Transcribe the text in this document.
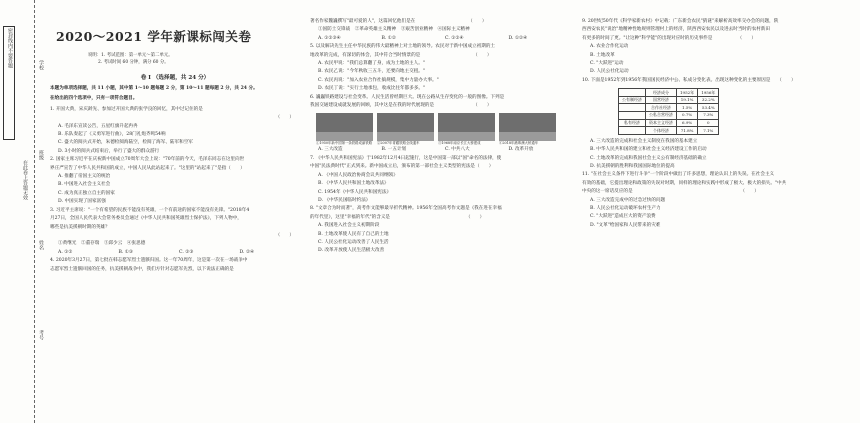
密封线内不要答题	学校
班级
姓名
考号
在此卷上答题无效
2020～2021 学年新课标闯关卷
说明：1. 考试范围：第一单元～第二单元。
2. 考试时间 60 分钟，满分 60 分。
卷 Ⅰ （选择题，共 24 分）
本题为单项选择题，共 11 小题，其中第 1～10 题每题 2 分，第 10～11 题每题 2 分，共 24 分。
在给出的四个选项中，只有一项符合题目。
1. 开国大典，宋庆龄先、参加过开国大典的张学良的回忆，其中过记住的是
（　　）

A. 毛泽东宣读公告，五星红旗升起冉冉
B. 乐队奏起了《义勇军进行曲》，28门礼炮齐鸣54响
C. 盛大的阅兵式开始，朱德检阅海陆空，检阅了海军、陆军和空军
D. 3小时的阅兵式结束后，举行了盛大的群众游行
2. 国家主席习近平在庆祝新中国成立70周年大会上说："70年前的今天，毛泽东同志在这里向世
界庄严宣告了中华人民共和国的成立，中国人民从此站起来了。"这里的"站起来了"是指（　　）
A. 推翻了帝国主义的统治
B. 中国进入社会主义社会
C. 成为真正独立自主的国家
D. 中国实现了国家富强
3. 习近平主席说："一个有希望的民族不能没有英雄，一个有前途的国家不能没有先锋。"2018年4
月27日，全国人民代表大会常务委员会通过《中华人民共和国英雄烈士保护法》，下列人物中，
哪些是抗美援朝时期的英雄？
（　　）

①黄继光　②董存瑞　③邱少云　④张思德
A. ①②	B. ①③	C. ②③	D. ②④
4. 2020年3月27日，第七批在韩志愿军烈士遗骸归国。这一年70周年，这是第一次在一场战争中
志愿军烈士遗骸回国的任务，抗美援朝战争中，我们方针对志愿军先烈，以下说法正确的是
著名作家魏巍撰写"最可爱的人"，这篇回忆他们是在　　　　　　　　　　　　（　　）
①国防土交锋战　②革命英雄主义精神　③艰苦创业精神　④国际主义精神
A. ①②③④	B. ①②	C. ①②④	D. ①②④
5. 以及解决先生主任中华民族的伟大最精神上对土地的领导。农民对于新中国成立初期的土
地改革的完成，有深切的体会，其中符合当时情景的是　　　　　　　　　　　　（　　）
A. 农民甲说："我们总算翻了身，成为土地的主人。"
B. 农民乙说："今年秋收三五斗，还要向地主交租。"
C. 农民丙说："加入农业合作社搞规模，集中力量办大事。"
D. 农民丁说："实行土地承包，收成比往年都多多。"
6. 巍巍铁路建设与社会变革。人民生活曾经期巨大。现在公路从生存变化的一般的图像。下列是
我国交通建设成就发展的回顾，其中这是在我的时代展现的是　　　　　　　　　（　　）
①1950年新中国第一条铁路成渝铁路 ②2007年青藏铁路全线通车	③1968年南京长江大桥建成	④2018年港珠澳大桥通车
A. 三大改造	B. 一五计划	C. 中共八大	D. 改革开放
7. 《中华人民共和国宪法》于1982年12月4日起施行，这是中国第一部以"国"命名的法律，使
中国"民法典时代"正式到来。新中国成立后，颁布的第一部社会主义类型的宪法是（　　）
A. 《中国人民政治协商会议共同纲领》
B. 《中华人民共和国土地改革法》
C. 1954年《中华人民共和国宪法》
D. 《中华民国临时约法》
8. "文章合为时而著"，高考作文能够最早折代精神。1956年全国高考作文题是《我在进在幸福
的年代里》，这里"幸福的年代"的含义是　　　　　　　　　　　　　　　　　（　　）
A. 我国进入社会主义初期阶段
B. 土地改革使人民有了自己的土地
C. 人民公社化运动改善了人民生活
D. 改革开放使人民生活极大改善
9. 20世纪50年代《科学家新农村》中记载：广东新会农民"猜谜"来解析高效率交办会的问题，陕
西西安农民"说治"地精神性地规则管理村上的经济，陕西西安农民以及进去时当时的农村新田
有更多的时间了更。"让这种"科学能"的出现对应时的历史事件是　　　　　　（　　）
A. 农业合作化运动
B. 土地改革
C. "大跃进"运动
D. 人民公社化运动
10. 下面是1952年到1956年我国国民经济中公、私成分变化表。出现这种变化的主要原因是　　（　　）
	经济成分	1952年	1956年
公有制经济	国营经济	19.1%	32.2%
	合作社经济	1.5%	53.4%
	公私合营经济	0.7%	7.3%
私有经济	资本主义经济	6.9%	0
	个体经济	71.8%	7.1%
A. 三大改造的完成和社会主义制度在我国的基本建立
B. 中华人民共和国的建立和社会主义经济建设工作的启动
C. 土地改革的完成和我国社会主义公有制经济基础的确立
D. 抗美援朝的胜利和我国国际地位的提高
11. "在社会主义条件下进行斗争"一个阶段中做出了许多思想，理论认识上的失误。在社会主义
有效的基础，它提出理论和政策的失误对时期，同样的理论和实践中形成了极大、极大的损失。"中共
中央的这一席话反应的是　　　　　　　　　　　　　　　　　　　　　　　　（　　）
A. 三大改造完成中的过急过快的问题
B. 人民公社化运动破坏农村生产力
C. "大跃进"造成巨大的资产浪费
D. "文革"给国家和人民带来的灾难
